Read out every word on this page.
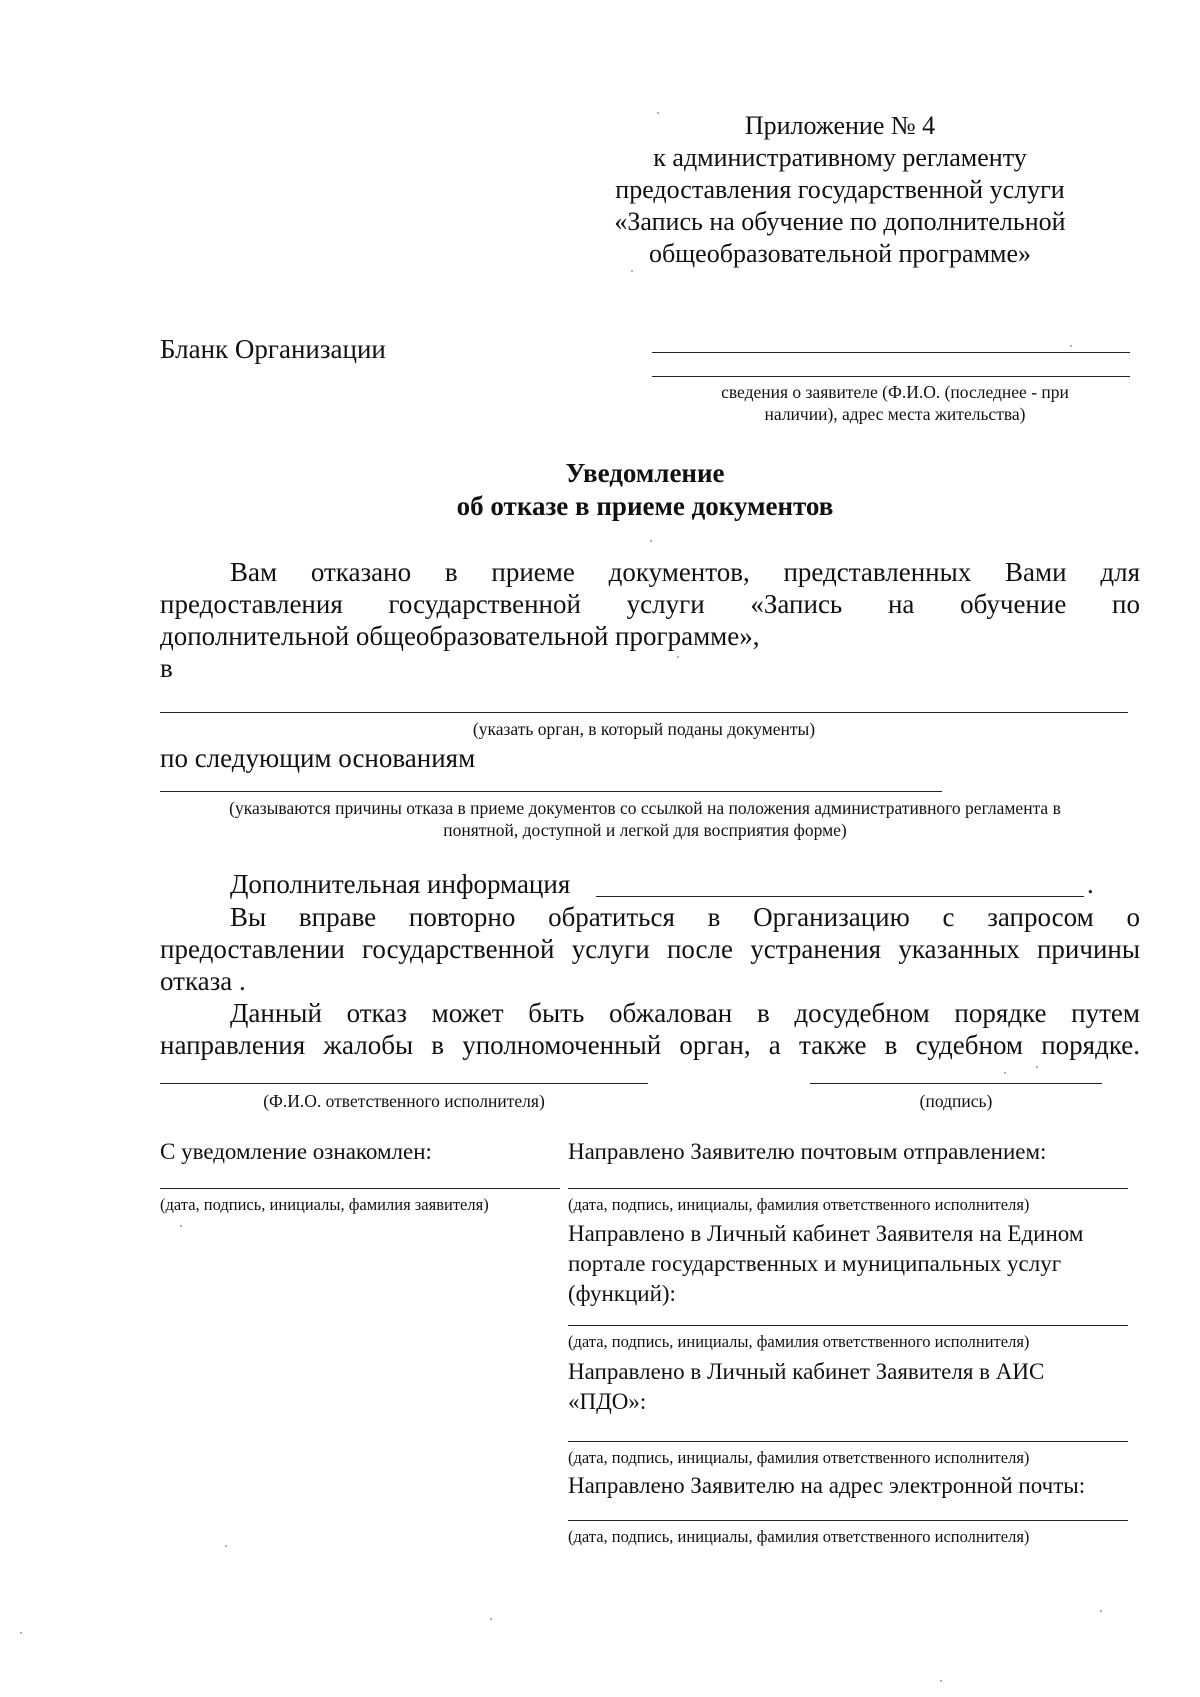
Приложение № 4
к административному регламенту
предоставления государственной услуги
«Запись на обучение по дополнительной
общеобразовательной программе»
Бланк Организации
сведения о заявителе (Ф.И.О. (последнее - при
наличии), адрес места жительства)
Уведомление
об отказе в приеме документов
Вам отказано в приеме документов, представленных Вами для
предоставления государственной услуги «Запись на обучение по
дополнительной общеобразовательной программе»,
в
(указать орган, в который поданы документы)
по следующим основаниям
(указываются причины отказа в приеме документов со ссылкой на положения административного регламента в
понятной, доступной и легкой для восприятия форме)
Дополнительная информация	.
Вы вправе повторно обратиться в Организацию с запросом о
предоставлении государственной услуги после устранения указанных причины
отказа .
Данный отказ может быть обжалован в досудебном порядке путем
направления жалобы в уполномоченный орган, а также в судебном порядке.
(Ф.И.О. ответственного исполнителя)	(подпись)
С уведомление ознакомлен:
(дата, подпись, инициалы, фамилия заявителя)
Направлено Заявителю почтовым отправлением:
(дата, подпись, инициалы, фамилия ответственного исполнителя)
Направлено в Личный кабинет Заявителя на Едином
портале государственных и муниципальных услуг
(функций):
(дата, подпись, инициалы, фамилия ответственного исполнителя)
Направлено в Личный кабинет Заявителя в АИС
«ПДО»:
(дата, подпись, инициалы, фамилия ответственного исполнителя)
Направлено Заявителю на адрес электронной почты:
(дата, подпись, инициалы, фамилия ответственного исполнителя)
